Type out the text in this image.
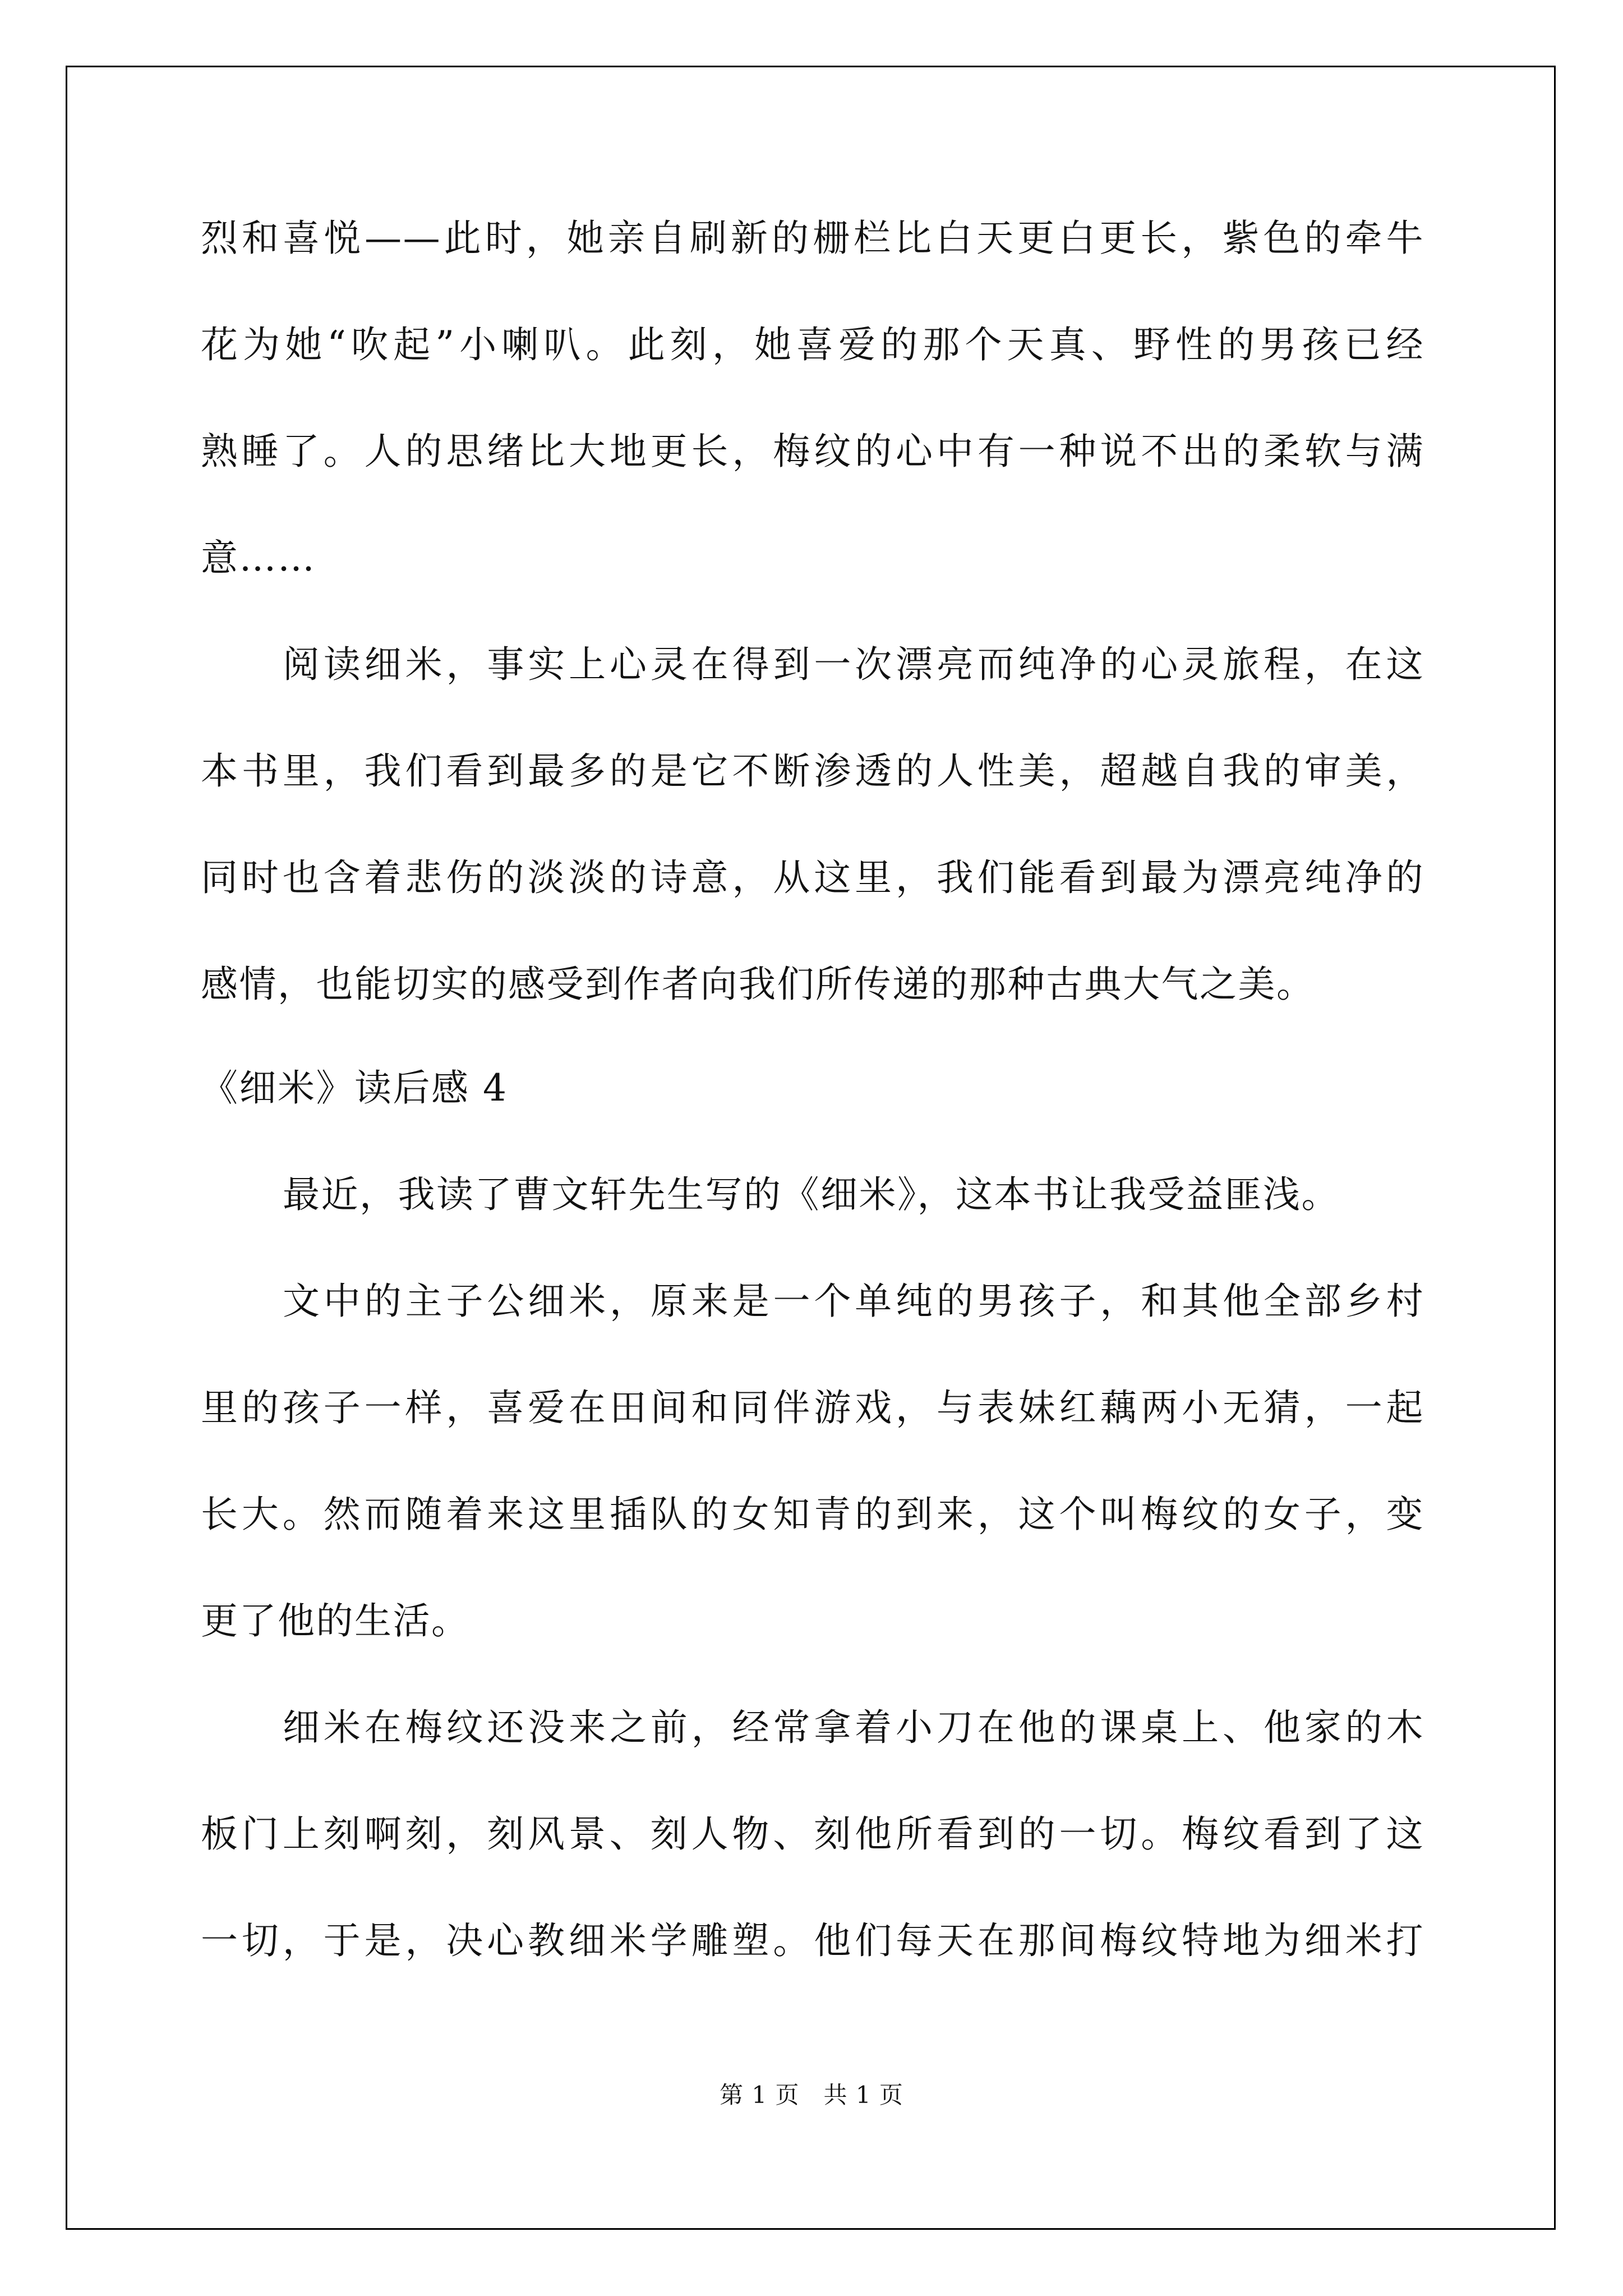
烈和喜悦——此时，她亲自刷新的栅栏比白天更白更长，紫色的牵牛
花为她“吹起”小喇叭。此刻，她喜爱的那个天真、野性的男孩已经
熟睡了。人的思绪比大地更长，梅纹的心中有一种说不出的柔软与满
意……
阅读细米，事实上心灵在得到一次漂亮而纯净的心灵旅程，在这
本书里，我们看到最多的是它不断渗透的人性美，超越自我的审美，
同时也含着悲伤的淡淡的诗意，从这里，我们能看到最为漂亮纯净的
感情，也能切实的感受到作者向我们所传递的那种古典大气之美。
《细米》读后感 4
最近，我读了曹文轩先生写的《细米》，这本书让我受益匪浅。
文中的主子公细米，原来是一个单纯的男孩子，和其他全部乡村
里的孩子一样，喜爱在田间和同伴游戏，与表妹红藕两小无猜，一起
长大。然而随着来这里插队的女知青的到来，这个叫梅纹的女子，变
更了他的生活。
细米在梅纹还没来之前，经常拿着小刀在他的课桌上、他家的木
板门上刻啊刻，刻风景、刻人物、刻他所看到的一切。梅纹看到了这
一切，于是，决心教细米学雕塑。他们每天在那间梅纹特地为细米打
第 1 页　共 1 页
